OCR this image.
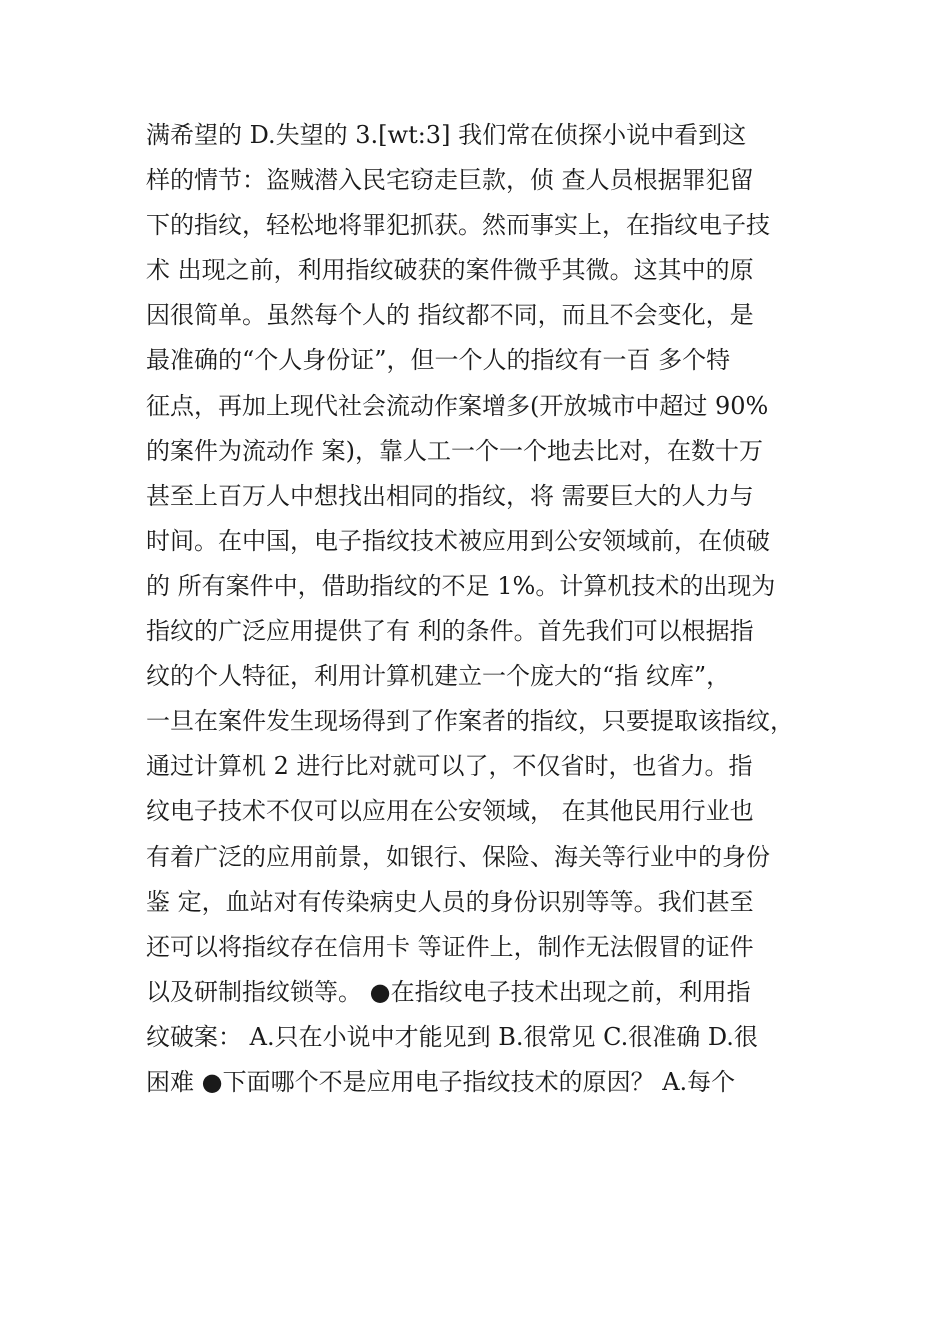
满希望的 D.失望的 3.[wt:3] 我们常在侦探小说中看到这
样的情节：盗贼潜入民宅窃走巨款，侦 查人员根据罪犯留
下的指纹，轻松地将罪犯抓获。然而事实上，在指纹电子技
术 出现之前，利用指纹破获的案件微乎其微。这其中的原
因很简单。虽然每个人的 指纹都不同，而且不会变化，是
最准确的“个人身份证”，但一个人的指纹有一百 多个特
征点，再加上现代社会流动作案增多(开放城市中超过 90%
的案件为流动作 案)，靠人工一个一个地去比对，在数十万
甚至上百万人中想找出相同的指纹，将 需要巨大的人力与
时间。在中国，电子指纹技术被应用到公安领域前，在侦破
的 所有案件中，借助指纹的不足 1%。计算机技术的出现为
指纹的广泛应用提供了有 利的条件。首先我们可以根据指
纹的个人特征，利用计算机建立一个庞大的“指 纹库”，
一旦在案件发生现场得到了作案者的指纹，只要提取该指纹，
通过计算机 2 进行比对就可以了，不仅省时，也省力。指
纹电子技术不仅可以应用在公安领域， 在其他民用行业也
有着广泛的应用前景，如银行、保险、海关等行业中的身份
鉴 定，血站对有传染病史人员的身份识别等等。我们甚至
还可以将指纹存在信用卡 等证件上，制作无法假冒的证件
以及研制指纹锁等。 ●在指纹电子技术出现之前，利用指
纹破案： A.只在小说中才能见到 B.很常见 C.很准确 D.很
困难 ●下面哪个不是应用电子指纹技术的原因？ A.每个
